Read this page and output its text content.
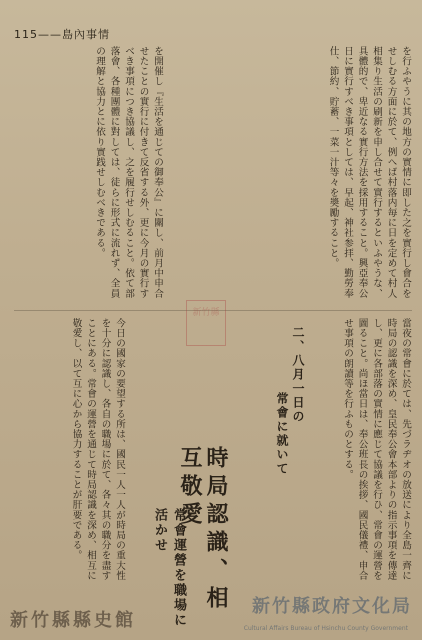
115——島內事情
を行ふやうに其の地方の實情に即した之を實行し會合をせしむる方面に於て、例へば村落内毎に日を定めて村人相集り生活の刷新を申し合せて實行するといふやうな、具體的で、卑近なる實行方法を採用すること。興亞奉公日に實行すべき事項としては、早起、神社参拝、勤勞奉仕、節約、貯蓄、一菜一汁等々を奬勵すること。
を開催し『生活を通じての御奉公』に關し、前月中申合せたことの實行に付きて反省する外、更に今月の實行すべき事項につき協議し、之を履行せしむること。依て部落會、各種團體に對しては、徒らに形式に流れず、全員の理解と協力とに依り實践せしむべきである。
新竹縣
當夜の常會に於ては、先づラヂオの放送により全島一齊に時局の認識を深め、皇民奉公會本部よりの指示事項を傳達し、更に各部落の實情に應じて協議を行ひ、常會の運營を圖ること。尚ほ當日は、奉公班長の挨拶、國民儀禮、申合せ事項の朗讀等を行ふものとする。
二、八月一日の
常會に就いて
時局認識、相互敬愛
常會運營を職場に活かせ
今日の國家の要望する所は、國民一人一人が時局の重大性を十分に認識し、各自の職場に於て、各々其の職分を盡すことにある。常會の運營を通じて時局認識を深め、相互に敬愛し、以て互に心から協力することが肝要である。
新竹縣縣史館
新竹縣政府文化局
Cultural Affairs Bureau of Hsinchu County Government
